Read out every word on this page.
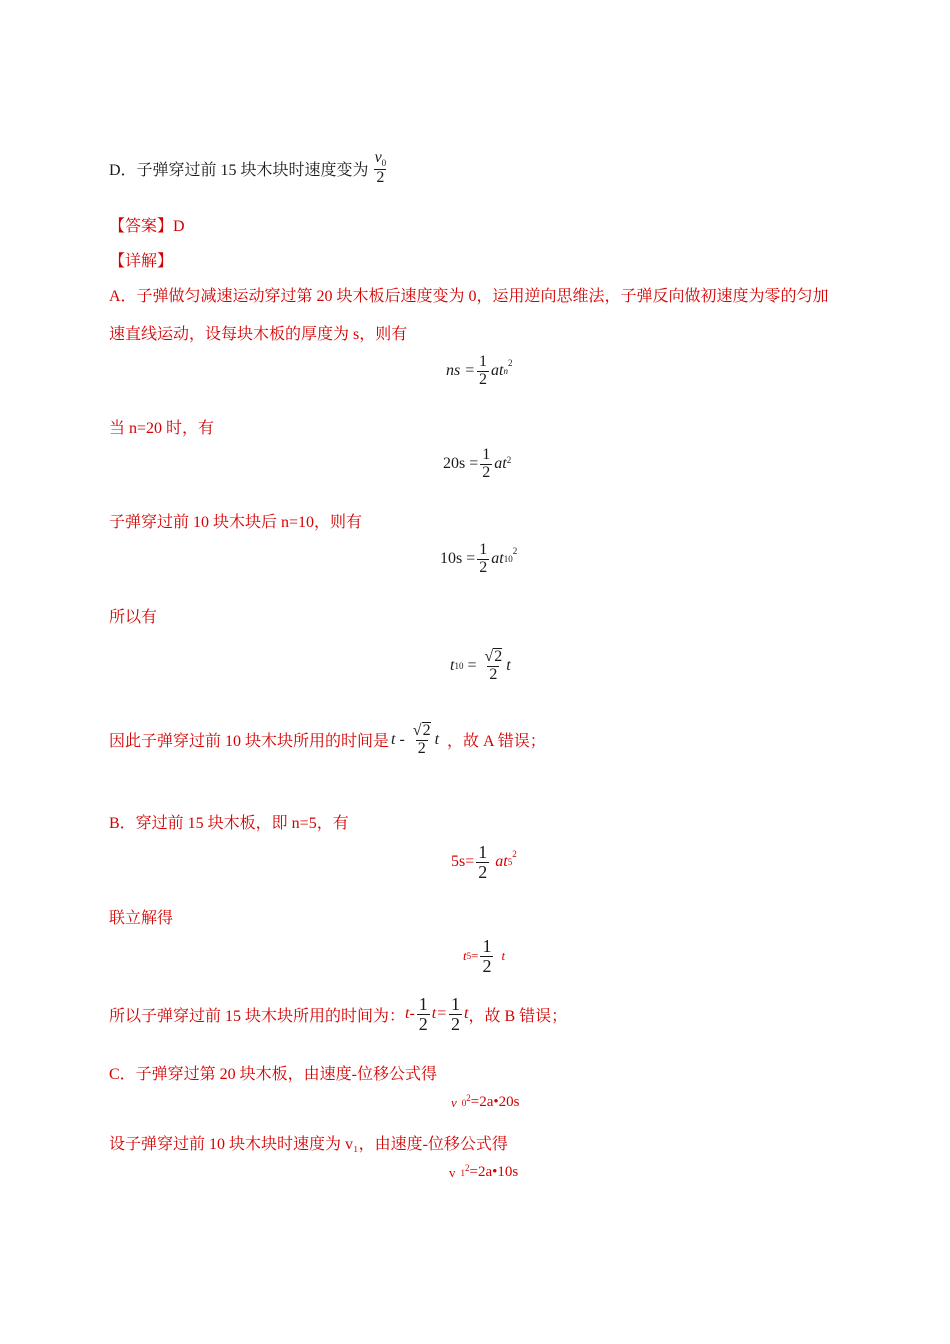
D．子弹穿过前 15 块木块时速度变为 $\frac{v_0}{2}$
【答案】D
【详解】
A．子弹做匀减速运动穿过第 20 块木板后速度变为 0，运用逆向思维法，子弹反向做初速度为零的匀加
速直线运动，设每块木板的厚度为 s，则有
ns = $\frac{1}{2}$ at n
$^2$
当 n=20 时，有
$20s = \frac{1}{2} at^2$
子弹穿过前 10 块木块后 n=10，则有
$10s = \frac{1}{2}$ at 10
$^2$
所以有
t $10 = \frac{√ 2}{2}$ t
因此子弹穿过前 10 块木块所用的时间是 t - $\frac{√ 2}{2}$ t ，故 A 错误；
B．穿过前 15 块木板，即 n=5，有
$5s= \frac{1}{2}$ at 5
$^2$
联立解得
t $5 = \frac{1}{2}$ t
所以子弹穿过前 15 块木块所用的时间为： $t- \frac{1}{2} t= \frac{1}{2}$ t ，故 B 错误；
C．子弹穿过第 20 块木板，由速度-位移公式得
v $0^2$ =2a•20s
设子弹穿过前 10 块木块时速度为 v₁，由速度-位移公式得
v $1^2$ =2a•10s
